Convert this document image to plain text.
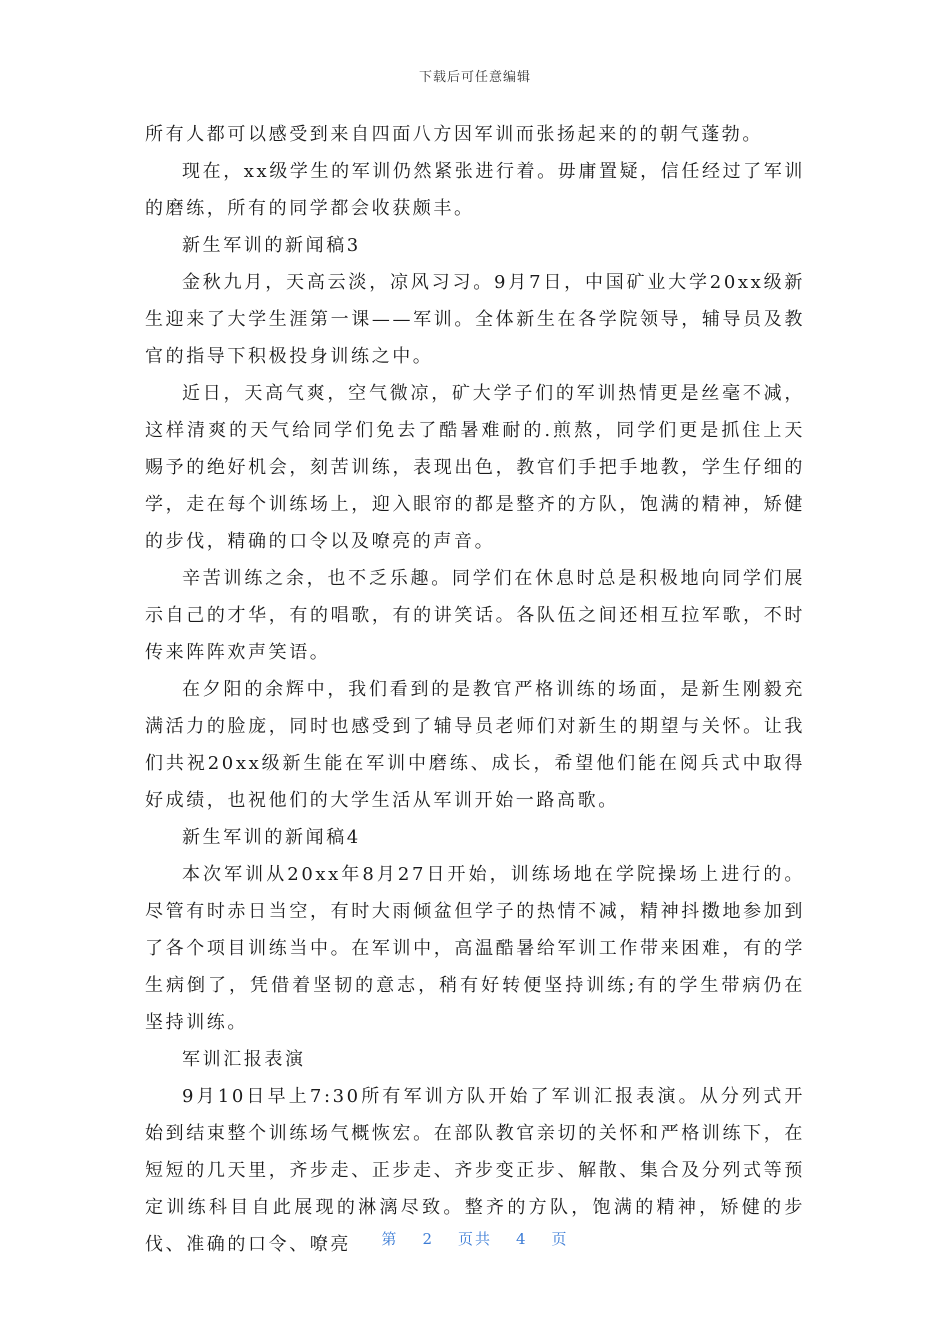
下载后可任意编辑

所有人都可以感受到来自四面八方因军训而张扬起来的的朝气蓬勃。

现在，xx级学生的军训仍然紧张进行着。毋庸置疑，信任经过了军训的磨练，所有的同学都会收获颇丰。

新生军训的新闻稿3

金秋九月，天高云淡，凉风习习。9月7日，中国矿业大学20xx级新生迎来了大学生涯第一课——军训。全体新生在各学院领导，辅导员及教官的指导下积极投身训练之中。

近日，天高气爽，空气微凉，矿大学子们的军训热情更是丝毫不减，这样清爽的天气给同学们免去了酷暑难耐的.煎熬，同学们更是抓住上天赐予的绝好机会，刻苦训练，表现出色，教官们手把手地教，学生仔细的学，走在每个训练场上，迎入眼帘的都是整齐的方队，饱满的精神，矫健的步伐，精确的口令以及嘹亮的声音。

辛苦训练之余，也不乏乐趣。同学们在休息时总是积极地向同学们展示自己的才华，有的唱歌，有的讲笑话。各队伍之间还相互拉军歌，不时传来阵阵欢声笑语。

在夕阳的余辉中，我们看到的是教官严格训练的场面，是新生刚毅充满活力的脸庞，同时也感受到了辅导员老师们对新生的期望与关怀。让我们共祝20xx级新生能在军训中磨练、成长，希望他们能在阅兵式中取得好成绩，也祝他们的大学生活从军训开始一路高歌。

新生军训的新闻稿4

本次军训从20xx年8月27日开始，训练场地在学院操场上进行的。尽管有时赤日当空，有时大雨倾盆但学子的热情不减，精神抖擞地参加到了各个项目训练当中。在军训中，高温酷暑给军训工作带来困难，有的学生病倒了，凭借着坚韧的意志，稍有好转便坚持训练;有的学生带病仍在坚持训练。

军训汇报表演

9月10日早上7:30所有军训方队开始了军训汇报表演。从分列式开始到结束整个训练场气概恢宏。在部队教官亲切的关怀和严格训练下，在短短的几天里，齐步走、正步走、齐步变正步、解散、集合及分列式等预定训练科目自此展现的淋漓尽致。整齐的方队，饱满的精神，矫健的步伐、准确的口令、嘹亮	第 2 页共 4 页
